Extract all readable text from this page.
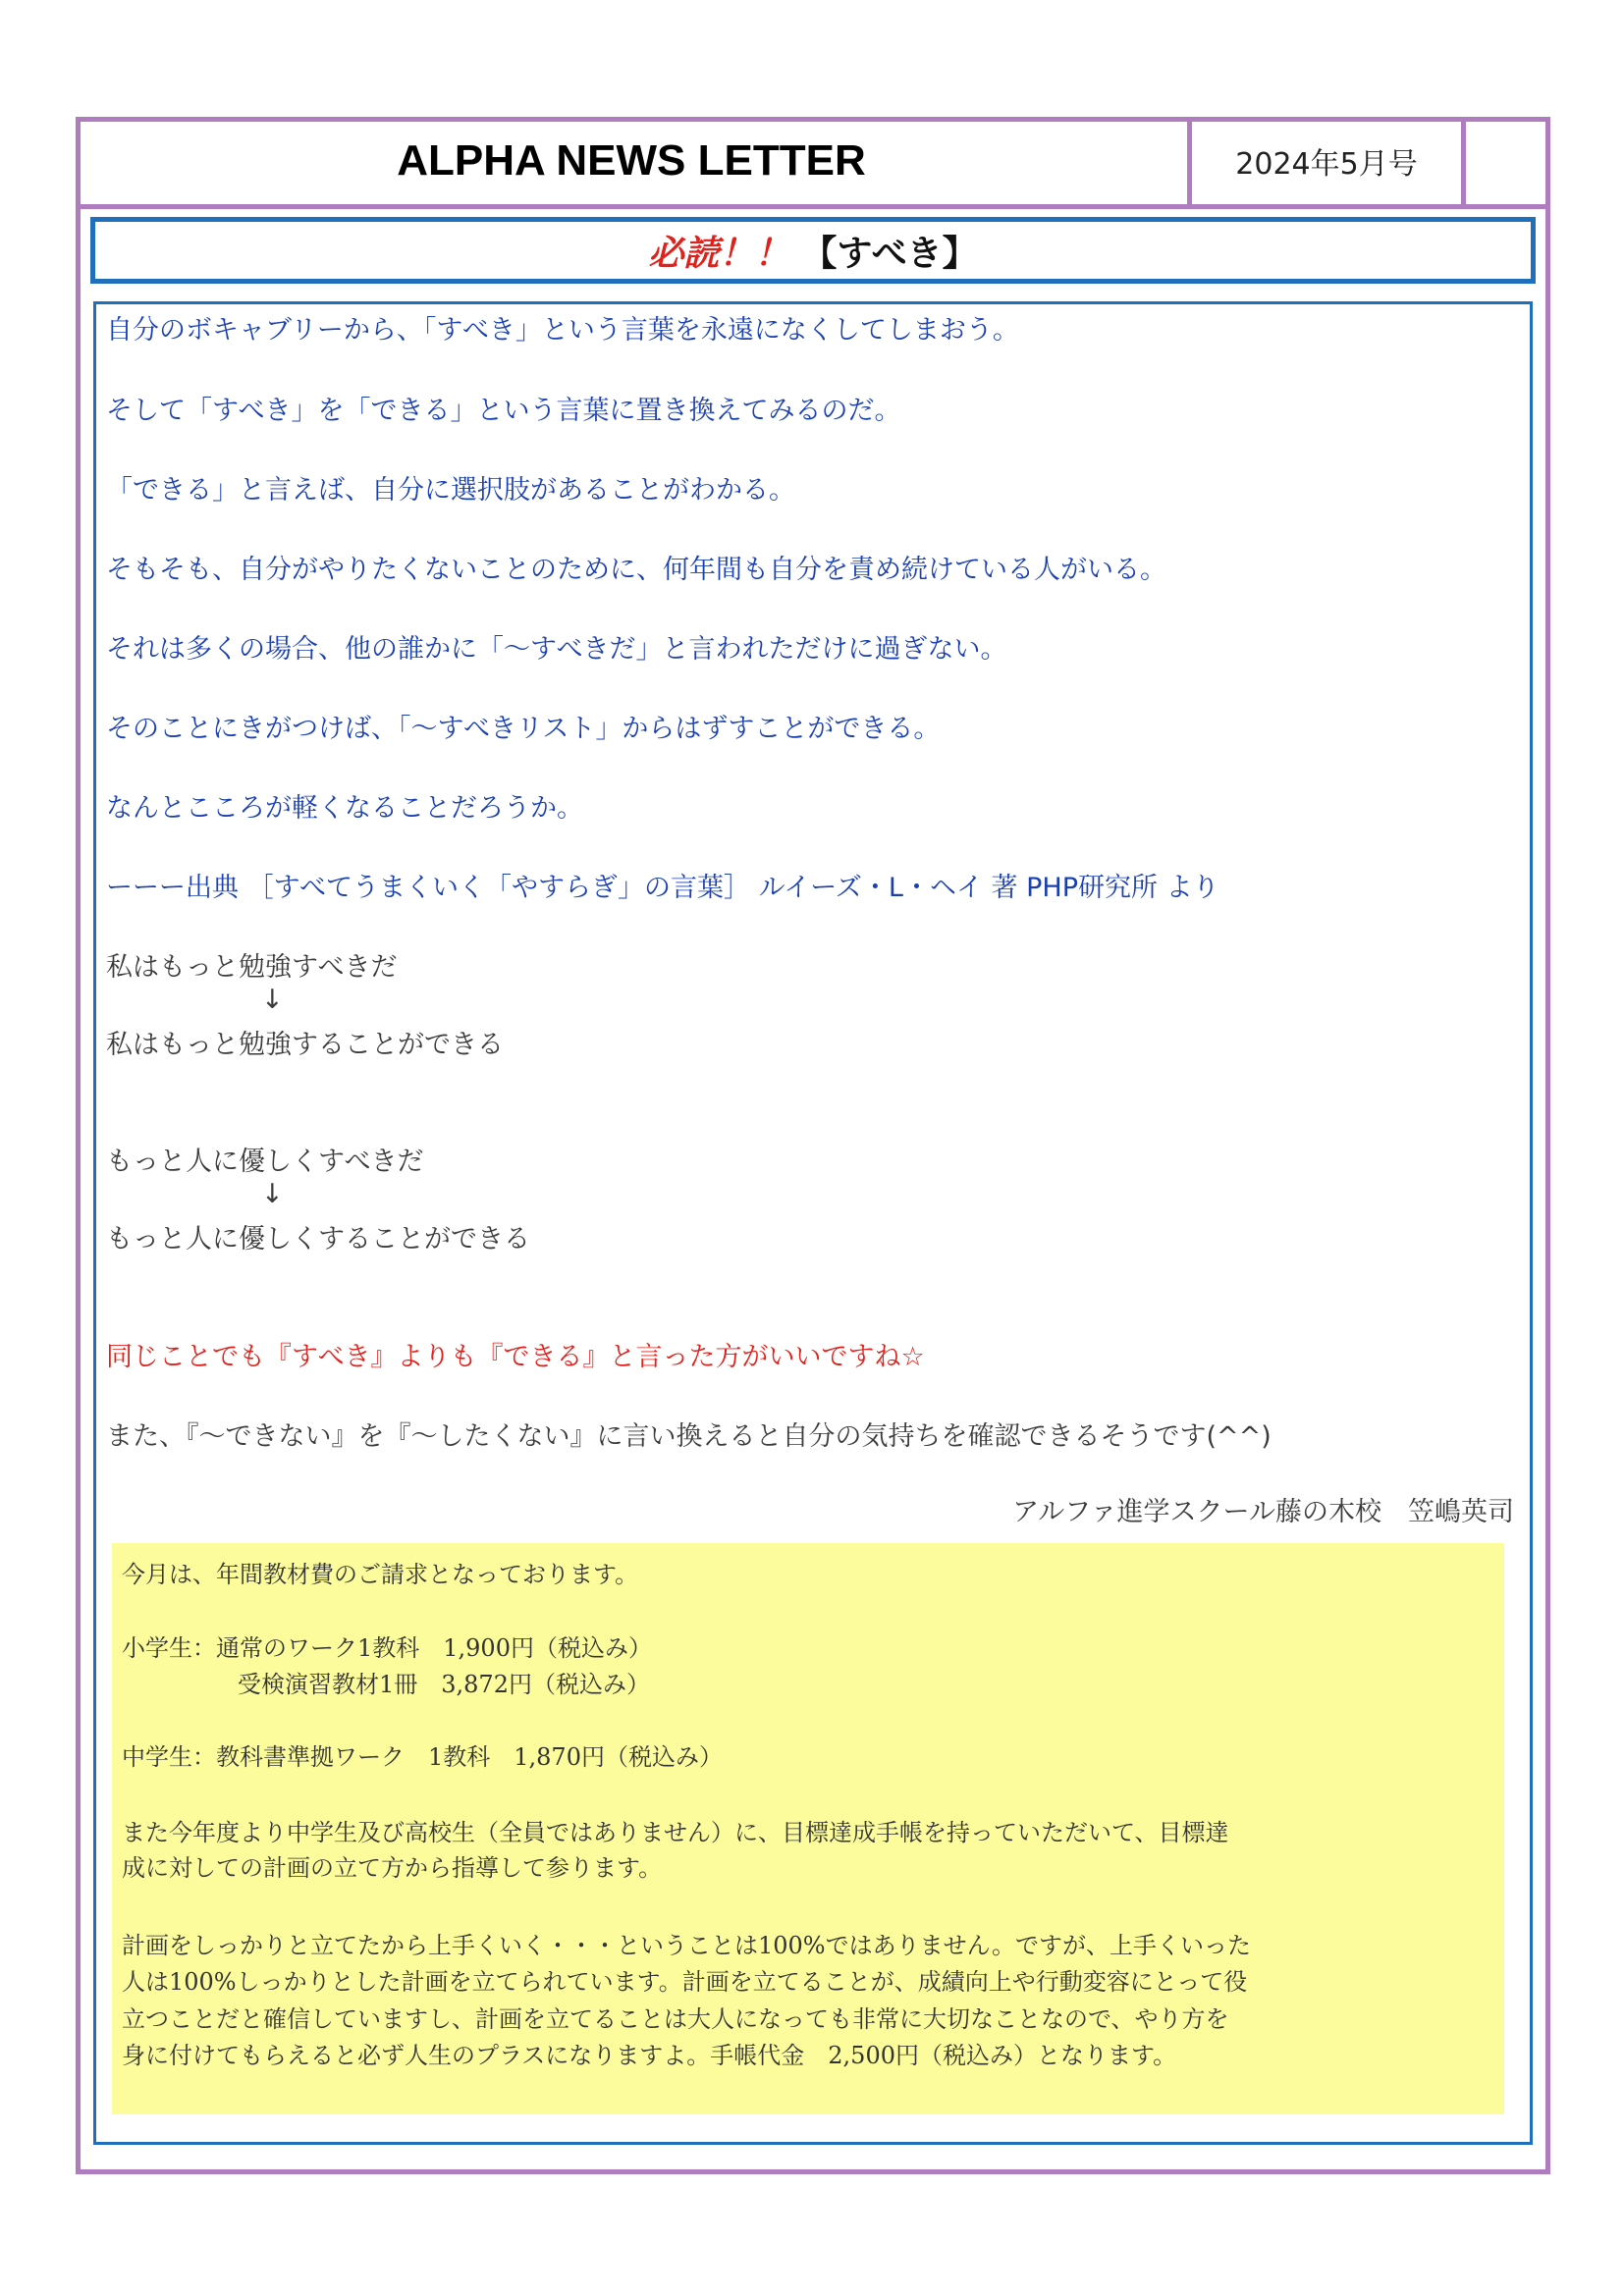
ALPHA NEWS LETTER	2024年5月号
必読！！ 【すべき】
自分のボキャブリーから、「すべき」という言葉を永遠になくしてしまおう。
そして「すべき」を「できる」という言葉に置き換えてみるのだ。
「できる」と言えば、自分に選択肢があることがわかる。
そもそも、自分がやりたくないことのために、何年間も自分を責め続けている人がいる。
それは多くの場合、他の誰かに「～すべきだ」と言われただけに過ぎない。
そのことにきがつけば、「～すべきリスト」からはずすことができる。
なんとこころが軽くなることだろうか。
ーーー出典 ［すべてうまくいく「やすらぎ」の言葉］ ルイーズ・L・ヘイ 著 PHP研究所 より
私はもっと勉強すべきだ
↓
私はもっと勉強することができる
もっと人に優しくすべきだ
↓
もっと人に優しくすることができる
同じことでも『すべき』よりも『できる』と言った方がいいですね☆
また、『～できない』を『～したくない』に言い換えると自分の気持ちを確認できるそうです(^^)
アルファ進学スクール藤の木校　笠嶋英司
今月は、年間教材費のご請求となっております。
小学生：通常のワーク1教科　1,900円（税込み）
受検演習教材1冊　3,872円（税込み）
中学生：教科書準拠ワーク　1教科　1,870円（税込み）
また今年度より中学生及び高校生（全員ではありません）に、目標達成手帳を持っていただいて、目標達
成に対しての計画の立て方から指導して参ります。
計画をしっかりと立てたから上手くいく・・・ということは100%ではありません。ですが、上手くいった
人は100%しっかりとした計画を立てられています。計画を立てることが、成績向上や行動変容にとって役
立つことだと確信していますし、計画を立てることは大人になっても非常に大切なことなので、やり方を
身に付けてもらえると必ず人生のプラスになりますよ。手帳代金　2,500円（税込み）となります。
